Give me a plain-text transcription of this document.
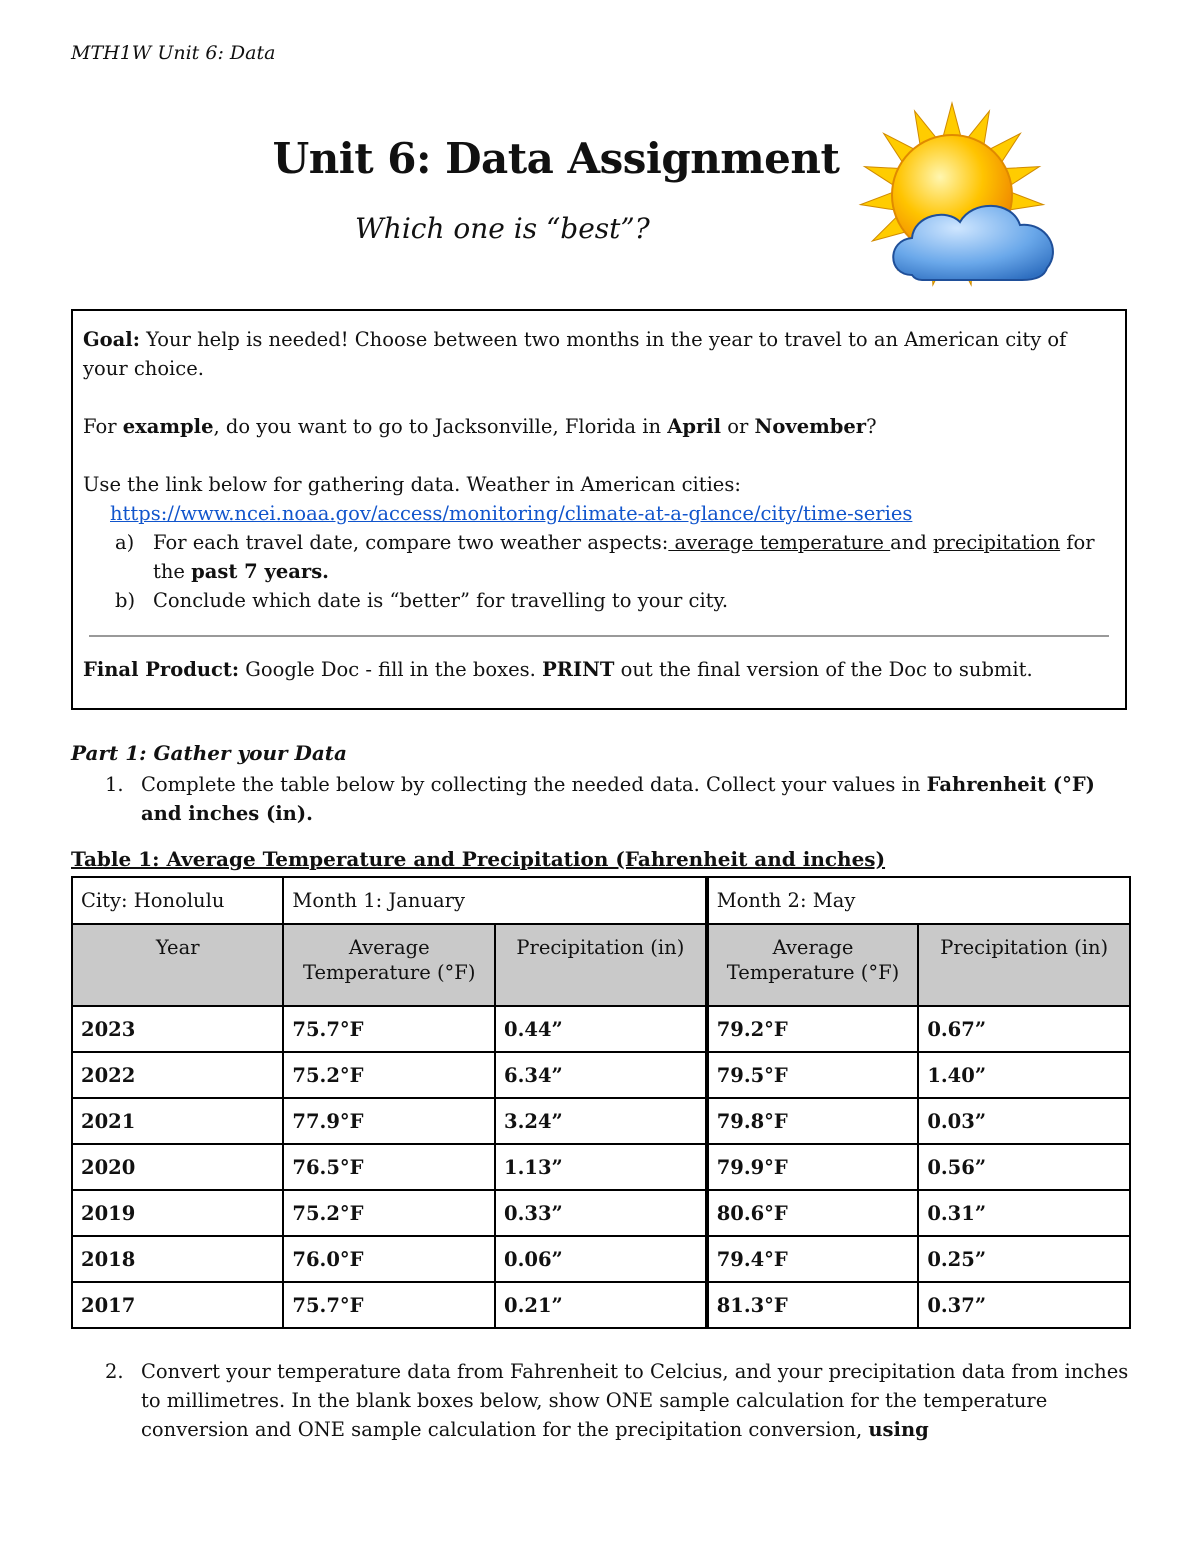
MTH1W Unit 6: Data
Unit 6: Data Assignment
Which one is “best”?

Goal: Your help is needed! Choose between two months in the year to travel to an American city of your choice.

For example, do you want to go to Jacksonville, Florida in April or November?

Use the link below for gathering data. Weather in American cities:

https://www.ncei.noaa.gov/access/monitoring/climate-at-a-glance/city/time-series

a) For each travel date, compare two weather aspects: average temperature and precipitation for the past 7 years.
b) Conclude which date is “better” for travelling to your city.

Final Product: Google Doc - fill in the boxes. PRINT out the final version of the Doc to submit.

Part 1: Gather your Data
1. Complete the table below by collecting the needed data. Collect your values in Fahrenheit (°F) and inches (in).
Table 1: Average Temperature and Precipitation (Fahrenheit and inches)
City: Honolulu	Month 1: January		Month 2: May	
Year	Average Temperature (°F)	Precipitation (in)	Average Temperature (°F)	Precipitation (in)
2023	75.7°F	0.44”	79.2°F	0.67”
2022	75.2°F	6.34”	79.5°F	1.40”
2021	77.9°F	3.24”	79.8°F	0.03”
2020	76.5°F	1.13”	79.9°F	0.56”
2019	75.2°F	0.33”	80.6°F	0.31”
2018	76.0°F	0.06”	79.4°F	0.25”
2017	75.7°F	0.21”	81.3°F	0.37”
2. Convert your temperature data from Fahrenheit to Celcius, and your precipitation data from inches to millimetres. In the blank boxes below, show ONE sample calculation for the temperature conversion and ONE sample calculation for the precipitation conversion, using
